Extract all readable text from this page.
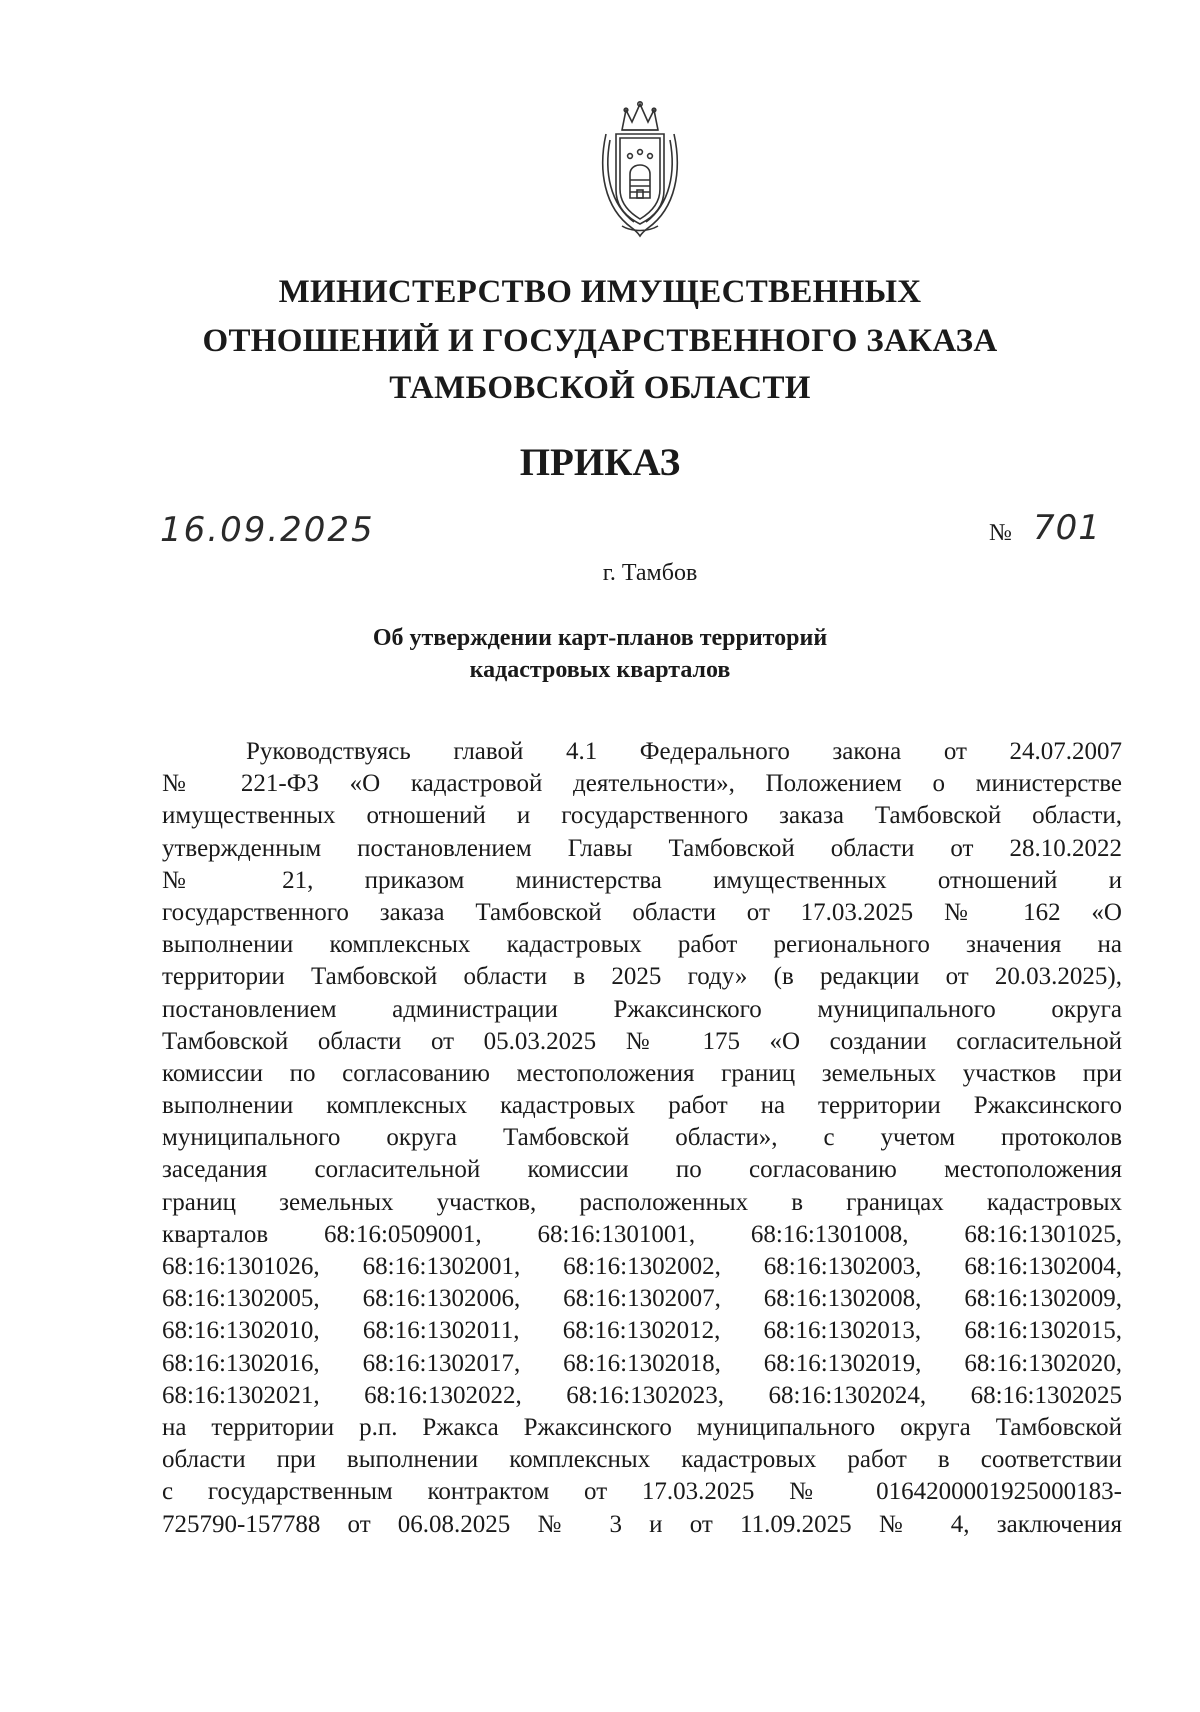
МИНИСТЕРСТВО ИМУЩЕСТВЕННЫХ
ОТНОШЕНИЙ И ГОСУДАРСТВЕННОГО ЗАКАЗА
ТАМБОВСКОЙ ОБЛАСТИ
ПРИКАЗ
16.09.2025	№ 701
г. Тамбов
Об утверждении карт-планов территорий
кадастровых кварталов
Руководствуясь главой 4.1 Федерального закона от 24.07.2007
№ 221-ФЗ «О кадастровой деятельности», Положением о министерстве
имущественных отношений и государственного заказа Тамбовской области,
утвержденным постановлением Главы Тамбовской области от 28.10.2022
№ 21, приказом министерства имущественных отношений и
государственного заказа Тамбовской области от 17.03.2025 № 162 «О
выполнении комплексных кадастровых работ регионального значения на
территории Тамбовской области в 2025 году» (в редакции от 20.03.2025),
постановлением администрации Ржаксинского муниципального округа
Тамбовской области от 05.03.2025 № 175 «О создании согласительной
комиссии по согласованию местоположения границ земельных участков при
выполнении комплексных кадастровых работ на территории Ржаксинского
муниципального округа Тамбовской области», с учетом протоколов
заседания согласительной комиссии по согласованию местоположения
границ земельных участков, расположенных в границах кадастровых
кварталов 68:16:0509001, 68:16:1301001, 68:16:1301008, 68:16:1301025,
68:16:1301026, 68:16:1302001, 68:16:1302002, 68:16:1302003, 68:16:1302004,
68:16:1302005, 68:16:1302006, 68:16:1302007, 68:16:1302008, 68:16:1302009,
68:16:1302010, 68:16:1302011, 68:16:1302012, 68:16:1302013, 68:16:1302015,
68:16:1302016, 68:16:1302017, 68:16:1302018, 68:16:1302019, 68:16:1302020,
68:16:1302021, 68:16:1302022, 68:16:1302023, 68:16:1302024, 68:16:1302025
на территории р.п. Ржакса Ржаксинского муниципального округа Тамбовской
области при выполнении комплексных кадастровых работ в соответствии
с государственным контрактом от 17.03.2025 № 0164200001925000183-
725790-157788 от 06.08.2025 № 3 и от 11.09.2025 № 4, заключения
